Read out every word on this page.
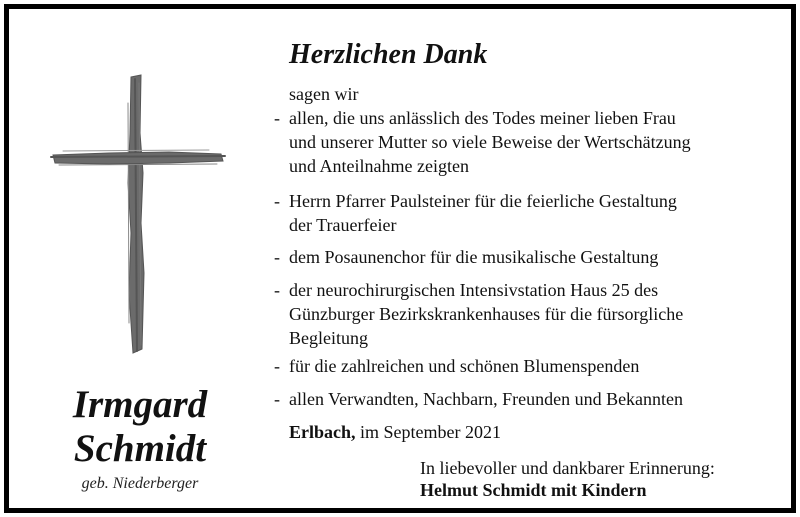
Irmgard
Schmidt
geb. Niederberger
Herzlichen Dank
sagen wir
- allen, die uns anlässlich des Todes meiner lieben Frau
und unserer Mutter so viele Beweise der Wertschätzung
und Anteilnahme zeigten
- Herrn Pfarrer Paulsteiner für die feierliche Gestaltung
der Trauerfeier
- dem Posaunenchor für die musikalische Gestaltung
- der neurochirurgischen Intensivstation Haus 25 des
Günzburger Bezirkskrankenhauses für die fürsorgliche
Begleitung
- für die zahlreichen und schönen Blumenspenden
- allen Verwandten, Nachbarn, Freunden und Bekannten
Erlbach, im September 2021
In liebevoller und dankbarer Erinnerung:
Helmut Schmidt mit Kindern
